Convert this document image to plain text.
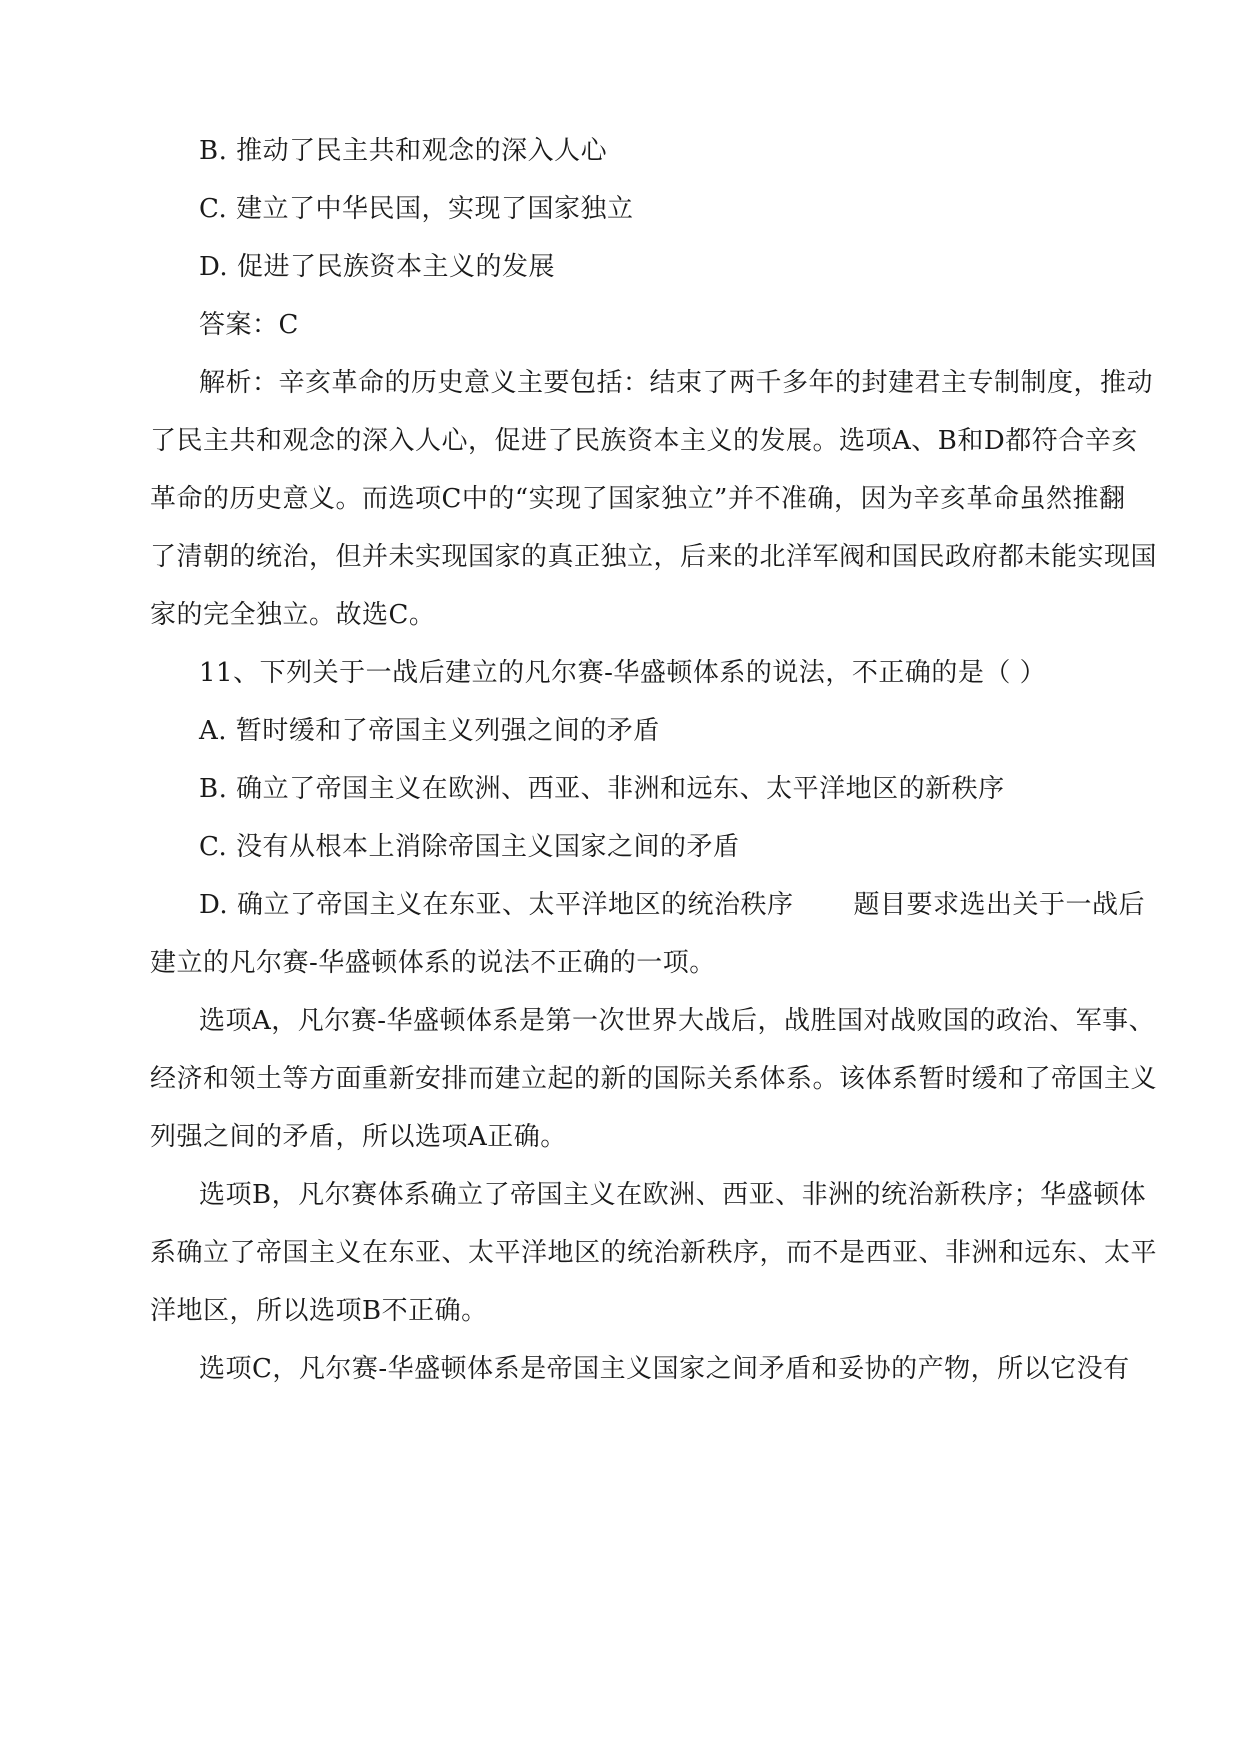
B. 推动了民主共和观念的深入人心
C. 建立了中华民国，实现了国家独立
D. 促进了民族资本主义的发展
答案：C
解析：辛亥革命的历史意义主要包括：结束了两千多年的封建君主专制制度，推动
了民主共和观念的深入人心，促进了民族资本主义的发展。选项A、B和D都符合辛亥
革命的历史意义。而选项C中的“实现了国家独立”并不准确，因为辛亥革命虽然推翻
了清朝的统治，但并未实现国家的真正独立，后来的北洋军阀和国民政府都未能实现国
家的完全独立。故选C。
11、下列关于一战后建立的凡尔赛-华盛顿体系的说法，不正确的是（ ）
A. 暂时缓和了帝国主义列强之间的矛盾
B. 确立了帝国主义在欧洲、西亚、非洲和远东、太平洋地区的新秩序
C. 没有从根本上消除帝国主义国家之间的矛盾
D. 确立了帝国主义在东亚、太平洋地区的统治秩序 题目要求选出关于一战后
建立的凡尔赛-华盛顿体系的说法不正确的一项。
选项A，凡尔赛-华盛顿体系是第一次世界大战后，战胜国对战败国的政治、军事、
经济和领土等方面重新安排而建立起的新的国际关系体系。该体系暂时缓和了帝国主义
列强之间的矛盾，所以选项A正确。
选项B，凡尔赛体系确立了帝国主义在欧洲、西亚、非洲的统治新秩序；华盛顿体
系确立了帝国主义在东亚、太平洋地区的统治新秩序，而不是西亚、非洲和远东、太平
洋地区，所以选项B不正确。
选项C，凡尔赛-华盛顿体系是帝国主义国家之间矛盾和妥协的产物，所以它没有
